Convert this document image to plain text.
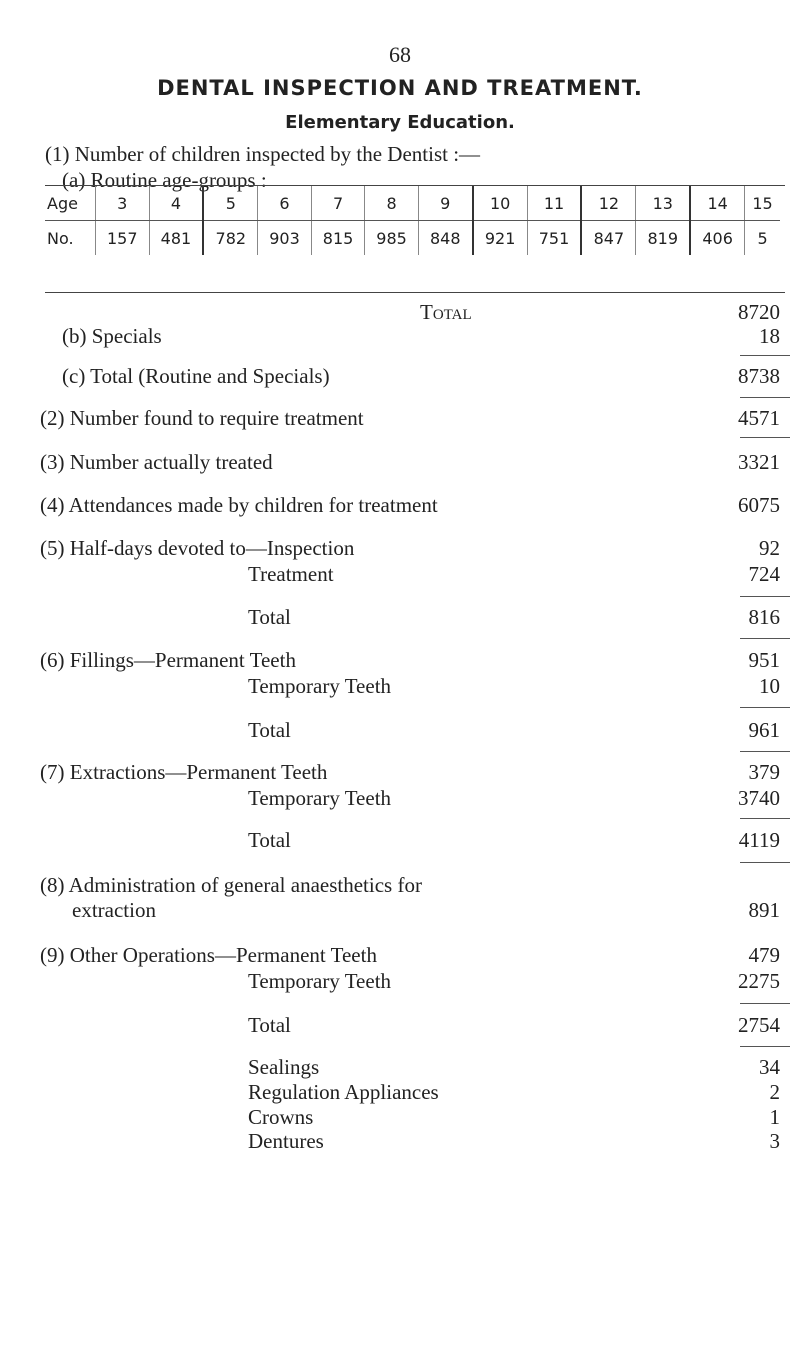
68
DENTAL INSPECTION AND TREATMENT.
Elementary Education.
(1) Number of children inspected by the Dentist :—
(a) Routine age-groups :
Age	3	4	5	6	7	8	9	10	11	12	13	14	15
No.	157	481	782	903	815	985	848	921	751	847	819	406	5
Total	8720
(b) Specials	18
(c) Total (Routine and Specials)	8738
(2) Number found to require treatment	4571
(3) Number actually treated	3321
(4) Attendances made by children for treatment	6075
(5) Half-days devoted to—Inspection	92
Treatment	724
Total	816
(6) Fillings—Permanent Teeth	951
Temporary Teeth	10
Total	961
(7) Extractions—Permanent Teeth	379
Temporary Teeth	3740
Total	4119
(8) Administration of general anaesthetics for
extraction	891
(9) Other Operations—Permanent Teeth	479
Temporary Teeth	2275
Total	2754
Sealings	34
Regulation Appliances	2
Crowns	1
Dentures	3
